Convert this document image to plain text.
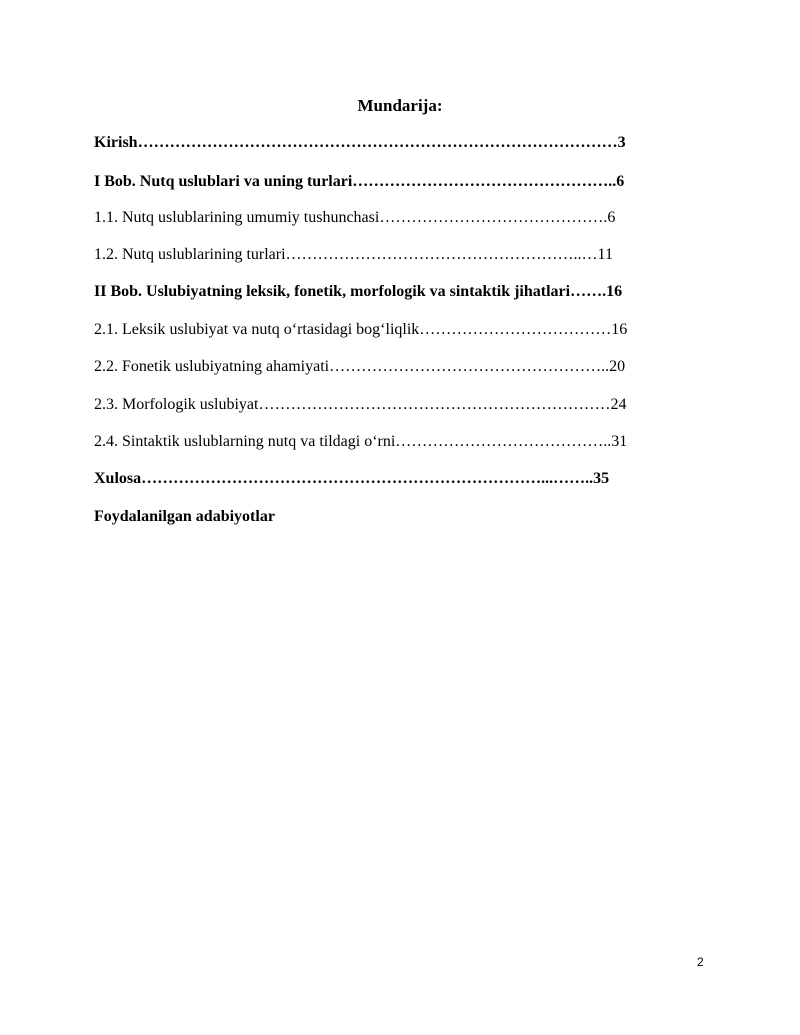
Mundarija:
Kirish………………………………………………………………………………3
I Bob. Nutq uslublari va uning turlari…………………………………………..6
1.1. Nutq uslublarining umumiy tushunchasi…………………………………….6
1.2. Nutq uslublarining turlari………………………………………………..…11
II Bob. Uslubiyatning leksik, fonetik, morfologik va sintaktik jihatlari…….16
2.1. Leksik uslubiyat va nutq o‘rtasidagi bog‘liqlik………………………………16
2.2. Fonetik uslubiyatning ahamiyati……………………………………………..20
2.3. Morfologik uslubiyat…………………………………………………………24
2.4. Sintaktik uslublarning nutq va tildagi o‘rni…………………………………..31
Xulosa…………………………………………………………………...……..35
Foydalanilgan adabiyotlar
2
